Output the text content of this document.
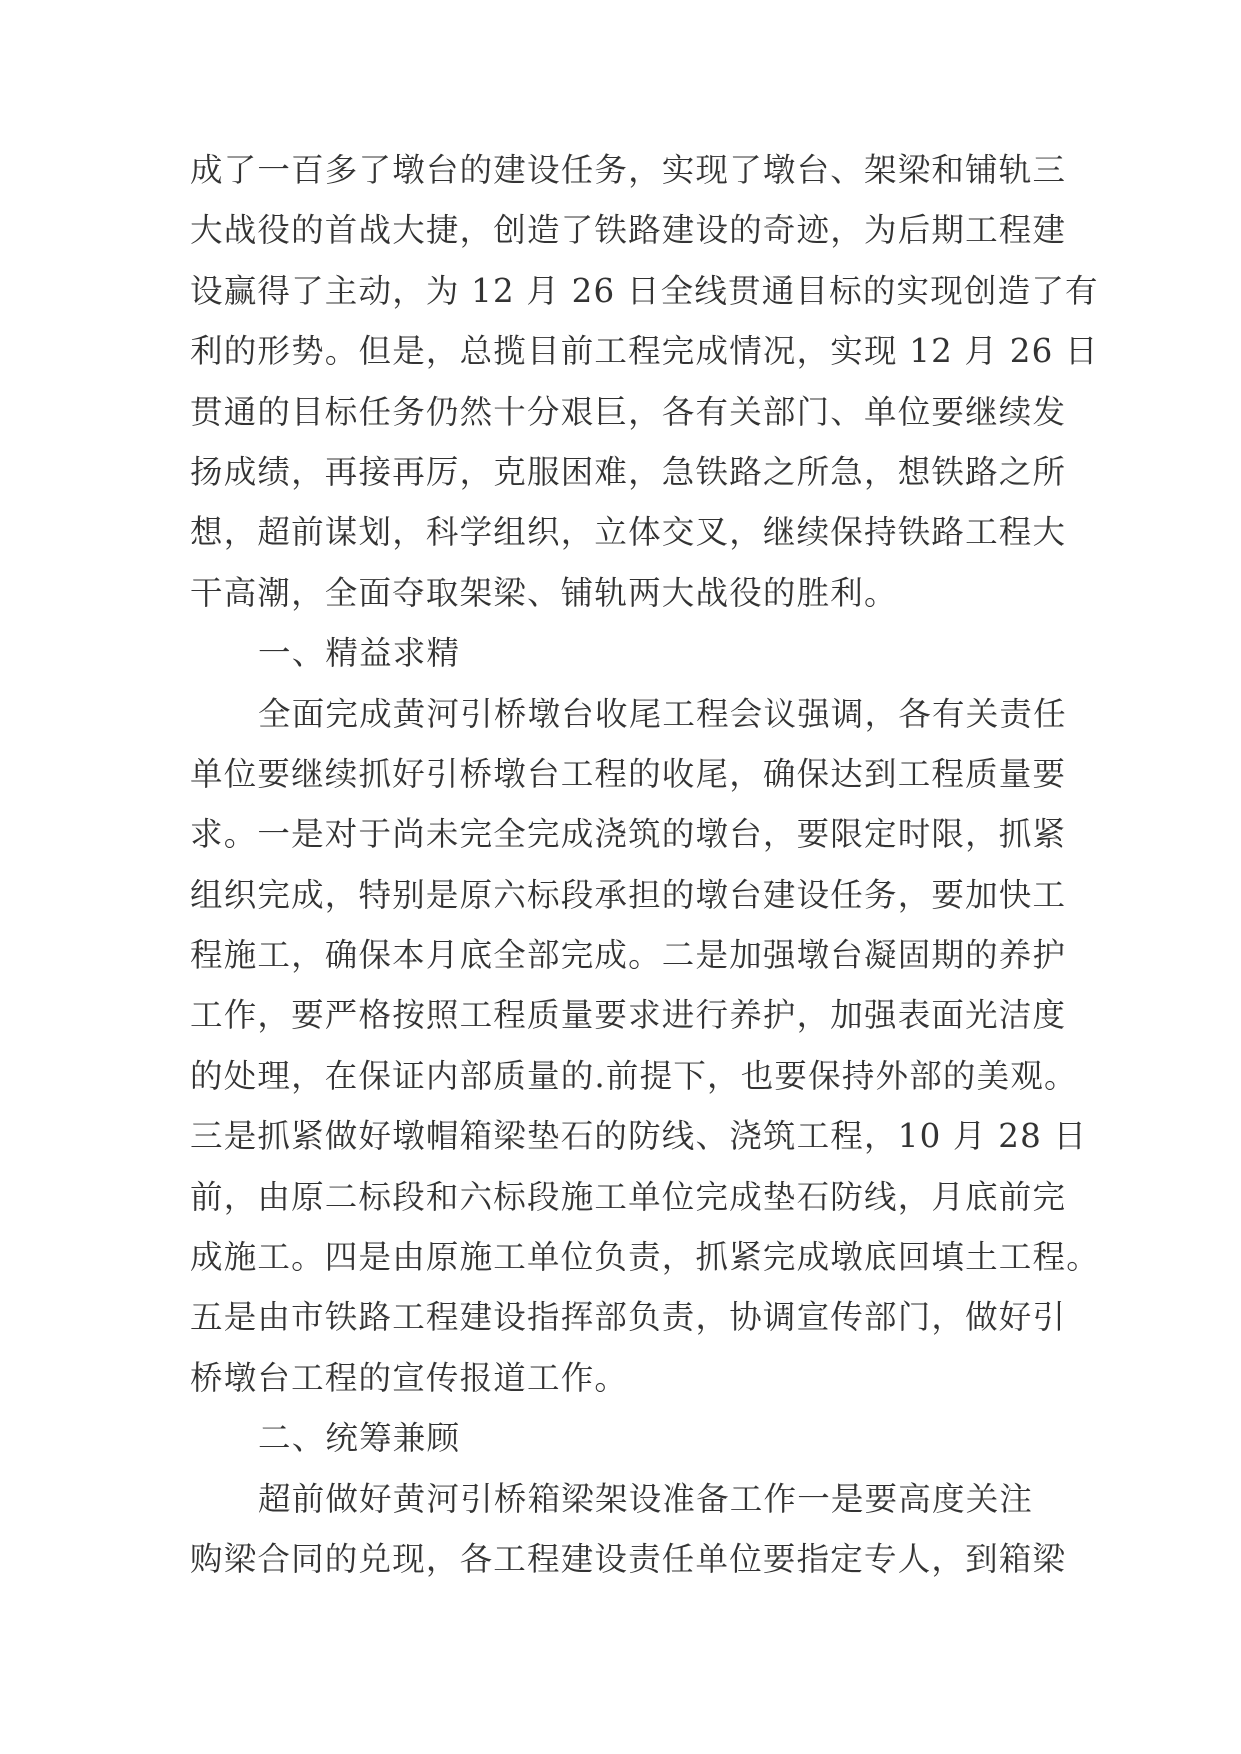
成了一百多了墩台的建设任务，实现了墩台、架梁和铺轨三
大战役的首战大捷，创造了铁路建设的奇迹，为后期工程建
设赢得了主动，为 12 月 26 日全线贯通目标的实现创造了有
利的形势。但是，总揽目前工程完成情况，实现 12 月 26 日
贯通的目标任务仍然十分艰巨，各有关部门、单位要继续发
扬成绩，再接再厉，克服困难，急铁路之所急，想铁路之所
想，超前谋划，科学组织，立体交叉，继续保持铁路工程大
干高潮，全面夺取架梁、铺轨两大战役的胜利。
一、精益求精
全面完成黄河引桥墩台收尾工程会议强调，各有关责任
单位要继续抓好引桥墩台工程的收尾，确保达到工程质量要
求。一是对于尚未完全完成浇筑的墩台，要限定时限，抓紧
组织完成，特别是原六标段承担的墩台建设任务，要加快工
程施工，确保本月底全部完成。二是加强墩台凝固期的养护
工作，要严格按照工程质量要求进行养护，加强表面光洁度
的处理，在保证内部质量的.前提下，也要保持外部的美观。
三是抓紧做好墩帽箱梁垫石的防线、浇筑工程，10 月 28 日
前，由原二标段和六标段施工单位完成垫石防线，月底前完
成施工。四是由原施工单位负责，抓紧完成墩底回填土工程。
五是由市铁路工程建设指挥部负责，协调宣传部门，做好引
桥墩台工程的宣传报道工作。
二、统筹兼顾
超前做好黄河引桥箱梁架设准备工作一是要高度关注
购梁合同的兑现，各工程建设责任单位要指定专人，到箱梁
